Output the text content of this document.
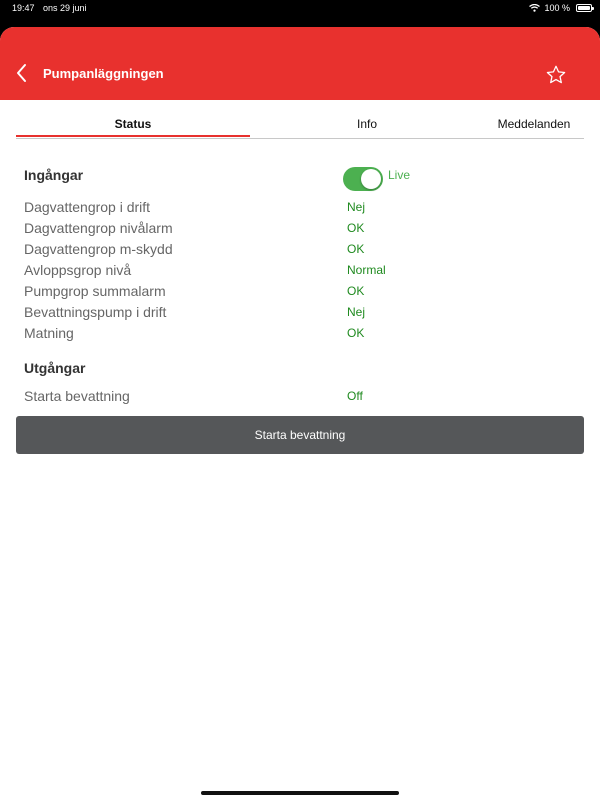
19:47 ons 29 juni	100 %
Pumpanläggningen
Status	Info	Meddelanden
Ingångar	Live
Dagvattengrop i drift	Nej
Dagvattengrop nivålarm	OK
Dagvattengrop m-skydd	OK
Avloppsgrop nivå	Normal
Pumpgrop summalarm	OK
Bevattningspump i drift	Nej
Matning	OK
Utgångar
Starta bevattning	Off
Starta bevattning
